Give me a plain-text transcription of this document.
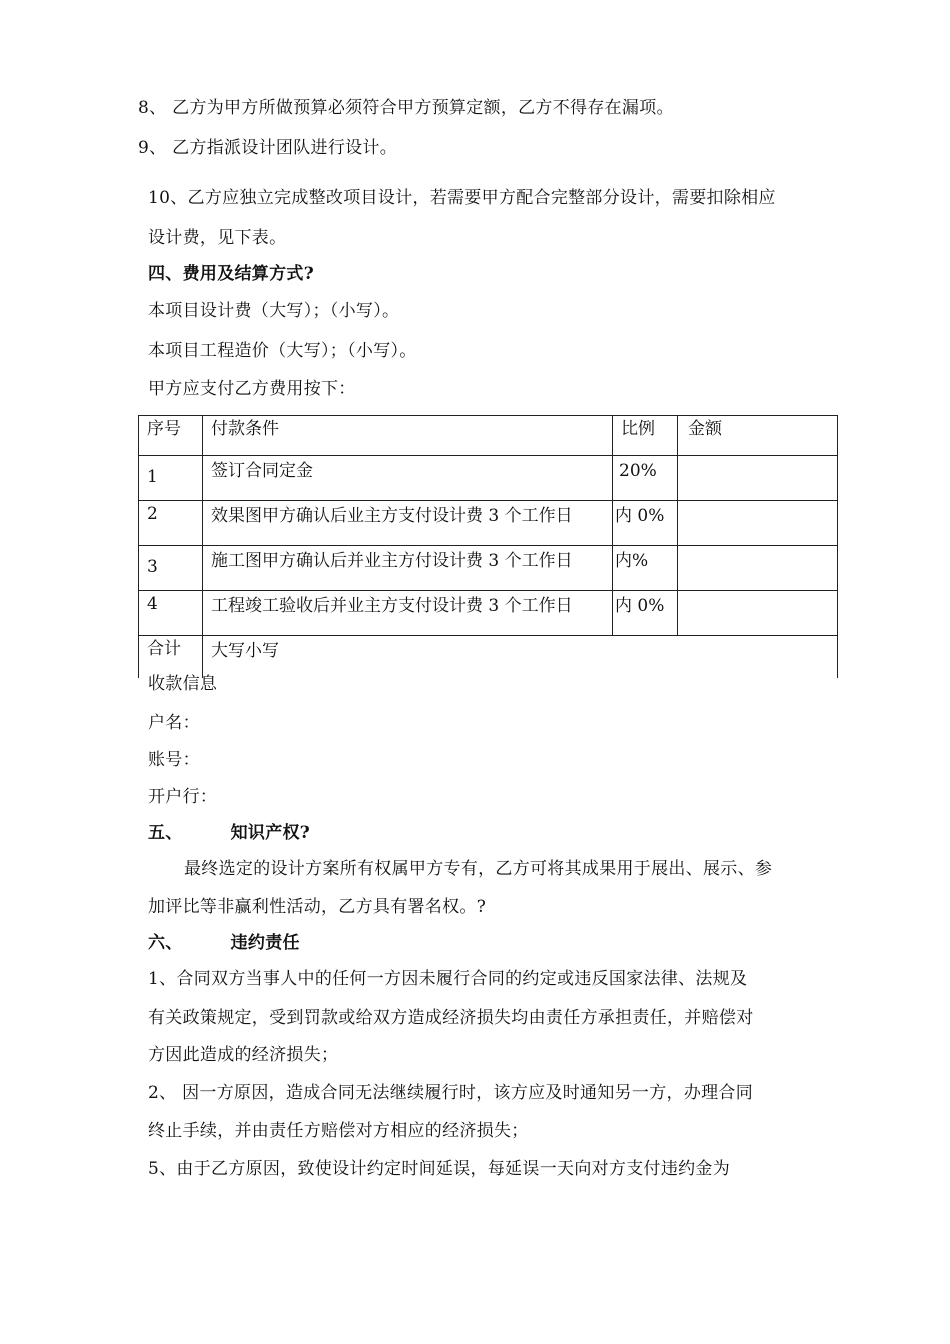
8、 乙方为甲方所做预算必须符合甲方预算定额，乙方不得存在漏项。
9、 乙方指派设计团队进行设计。
10、乙方应独立完成整改项目设计，若需要甲方配合完整部分设计，需要扣除相应
设计费，见下表。
四、费用及结算方式?
本项目设计费（大写）；（小写）。
本项目工程造价（大写）；（小写）。
甲方应支付乙方费用按下：
序号	付款条件	比例	金额
1	签订合同定金	20%	
2	效果图甲方确认后业主方支付设计费 3 个工作日	内 0%	
3	施工图甲方确认后并业主方付设计费 3 个工作日	内%	
4	工程竣工验收后并业主方支付设计费 3 个工作日	内 0%	
合计	大写小写		
收款信息
户名：
账号：
开户行：
五、	知识产权?
最终选定的设计方案所有权属甲方专有，乙方可将其成果用于展出、展示、参
加评比等非赢利性活动，乙方具有署名权。?
六、	违约责任
1、合同双方当事人中的任何一方因未履行合同的约定或违反国家法律、法规及
有关政策规定，受到罚款或给双方造成经济损失均由责任方承担责任，并赔偿对
方因此造成的经济损失；
2、 因一方原因，造成合同无法继续履行时，该方应及时通知另一方，办理合同
终止手续，并由责任方赔偿对方相应的经济损失；
5、由于乙方原因，致使设计约定时间延误，每延误一天向对方支付违约金为
